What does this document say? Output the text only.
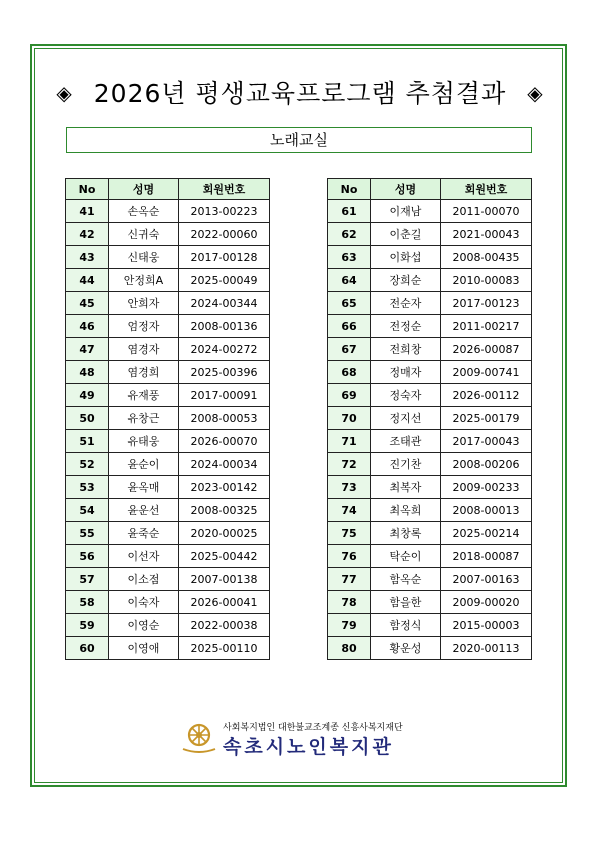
◈ 2026년 평생교육프로그램 추첨결과 ◈
노래교실
No	성명	회원번호
41	손옥순	2013-00223
42	신귀숙	2022-00060
43	신태웅	2017-00128
44	안정희A	2025-00049
45	안희자	2024-00344
46	엄정자	2008-00136
47	염경자	2024-00272
48	염경희	2025-00396
49	유재풍	2017-00091
50	유창근	2008-00053
51	유태웅	2026-00070
52	윤순이	2024-00034
53	윤옥매	2023-00142
54	윤운선	2008-00325
55	윤죽순	2020-00025
56	이선자	2025-00442
57	이소점	2007-00138
58	이숙자	2026-00041
59	이영순	2022-00038
60	이영애	2025-00110
No	성명	회원번호
61	이재남	2011-00070
62	이춘길	2021-00043
63	이화섭	2008-00435
64	장희순	2010-00083
65	전순자	2017-00123
66	전정순	2011-00217
67	전희창	2026-00087
68	정매자	2009-00741
69	정숙자	2026-00112
70	정지선	2025-00179
71	조태관	2017-00043
72	진기찬	2008-00206
73	최복자	2009-00233
74	최옥희	2008-00013
75	최창록	2025-00214
76	탁순이	2018-00087
77	함옥순	2007-00163
78	함을한	2009-00020
79	함정식	2015-00003
80	황운성	2020-00113
사회복지법인 대한불교조계종 신흥사복지재단
속초시노인복지관
